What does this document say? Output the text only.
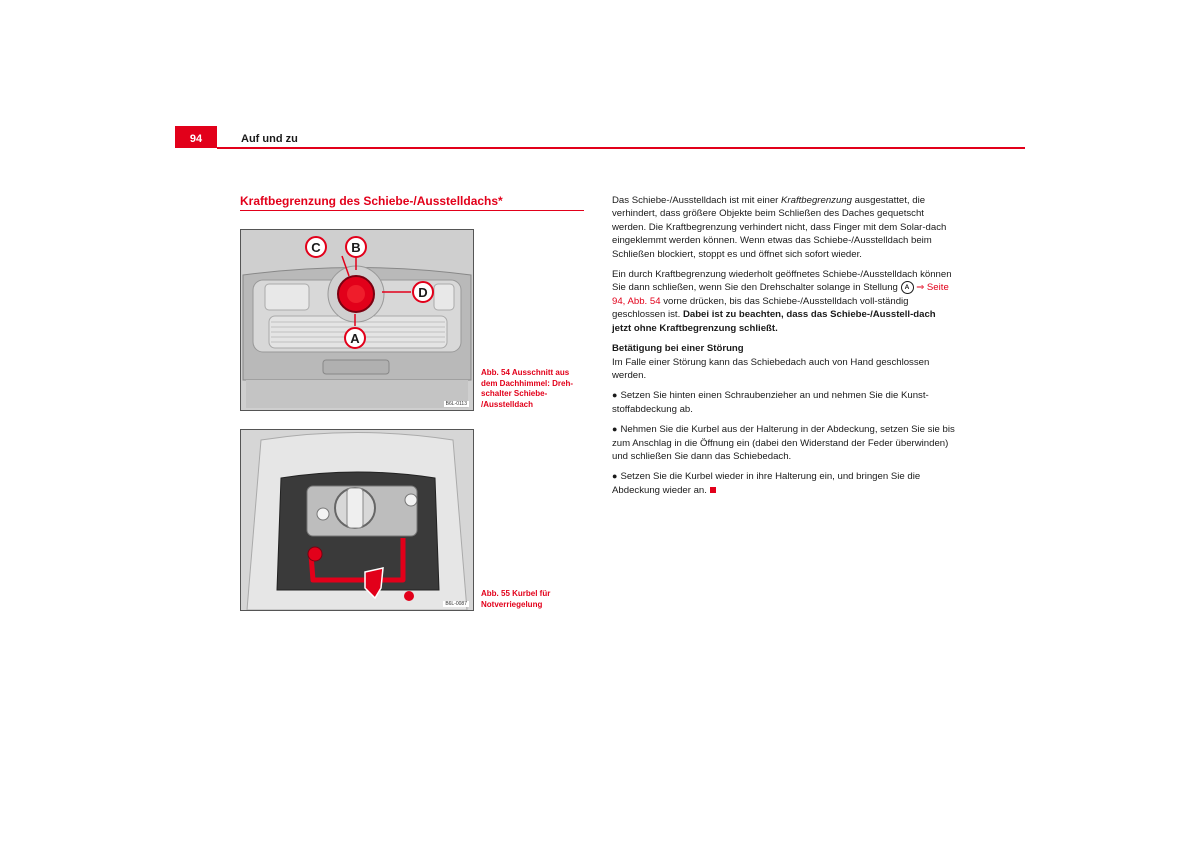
94	Auf und zu
Kraftbegrenzung des Schiebe-/Ausstelldachs*
C B
D
A
B6L-0113
Abb. 54 Ausschnitt aus
dem Dachhimmel: Dreh-
schalter Schiebe-
/Ausstelldach
B6L-0087
Abb. 55 Kurbel für
Notverriegelung

Das Schiebe-/Ausstelldach ist mit einer Kraftbegrenzung ausgestattet, die verhindert, dass größere Objekte beim Schließen des Daches gequetscht werden. Die Kraftbegrenzung verhindert nicht, dass Finger mit dem Solar-dach eingeklemmt werden können. Wenn etwas das Schiebe-/Ausstelldach beim Schließen blockiert, stoppt es und öffnet sich sofort wieder.

Ein durch Kraftbegrenzung wiederholt geöffnetes Schiebe-/Ausstelldach können Sie dann schließen, wenn Sie den Drehschalter solange in Stellung A ⇒ Seite 94, Abb. 54 vorne drücken, bis das Schiebe-/Ausstelldach voll-ständig geschlossen ist. Dabei ist zu beachten, dass das Schiebe-/Ausstell-dach jetzt ohne Kraftbegrenzung schließt.

Betätigung bei einer Störung

Im Falle einer Störung kann das Schiebedach auch von Hand geschlossen werden.

● Setzen Sie hinten einen Schraubenzieher an und nehmen Sie die Kunst-stoffabdeckung ab.

● Nehmen Sie die Kurbel aus der Halterung in der Abdeckung, setzen Sie sie bis zum Anschlag in die Öffnung ein (dabei den Widerstand der Feder überwinden) und schließen Sie dann das Schiebedach.

● Setzen Sie die Kurbel wieder in ihre Halterung ein, und bringen Sie die Abdeckung wieder an.
